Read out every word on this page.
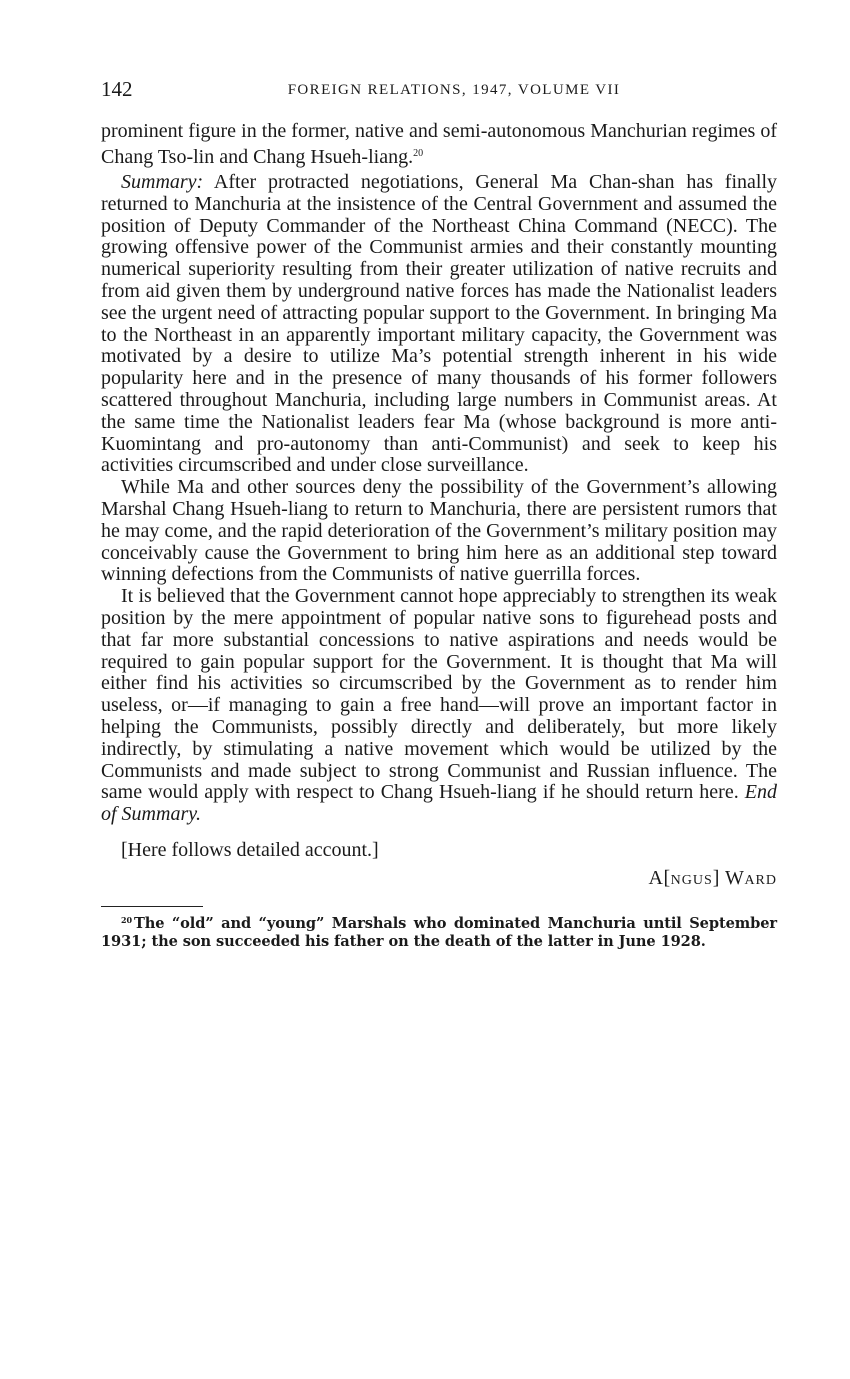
142	FOREIGN RELATIONS, 1947, VOLUME VII

prominent figure in the former, native and semi-autonomous Manchurian regimes of Chang Tso-lin and Chang Hsueh-liang.$^{20}$

Summary: After protracted negotiations, General Ma Chan-shan has finally returned to Manchuria at the insistence of the Central Government and assumed the position of Deputy Commander of the Northeast China Command (NECC). The growing offensive power of the Communist armies and their constantly mounting numerical superiority resulting from their greater utilization of native recruits and from aid given them by underground native forces has made the Nationalist leaders see the urgent need of attracting popular support to the Government. In bringing Ma to the Northeast in an apparently important military capacity, the Government was motivated by a desire to utilize Ma’s potential strength inherent in his wide popularity here and in the presence of many thousands of his former followers scattered throughout Manchuria, including large numbers in Communist areas. At the same time the Nationalist leaders fear Ma (whose background is more anti-Kuomintang and pro-autonomy than anti-Communist) and seek to keep his activities circumscribed and under close surveillance.

While Ma and other sources deny the possibility of the Government’s allowing Marshal Chang Hsueh-liang to return to Manchuria, there are persistent rumors that he may come, and the rapid deterioration of the Government’s military position may conceivably cause the Government to bring him here as an additional step toward winning defections from the Communists of native guerrilla forces.

It is believed that the Government cannot hope appreciably to strengthen its weak position by the mere appointment of popular native sons to figurehead posts and that far more substantial concessions to native aspirations and needs would be required to gain popular support for the Government. It is thought that Ma will either find his activities so circumscribed by the Government as to render him useless, or—if managing to gain a free hand—will prove an important factor in helping the Communists, possibly directly and deliberately, but more likely indirectly, by stimulating a native movement which would be utilized by the Communists and made subject to strong Communist and Russian influence. The same would apply with respect to Chang Hsueh-liang if he should return here. End of Summary.

[Here follows detailed account.]

A[NGUS] WARD

$^{20}$ The “old” and “young” Marshals who dominated Manchuria until September 1931; the son succeeded his father on the death of the latter in June 1928.
